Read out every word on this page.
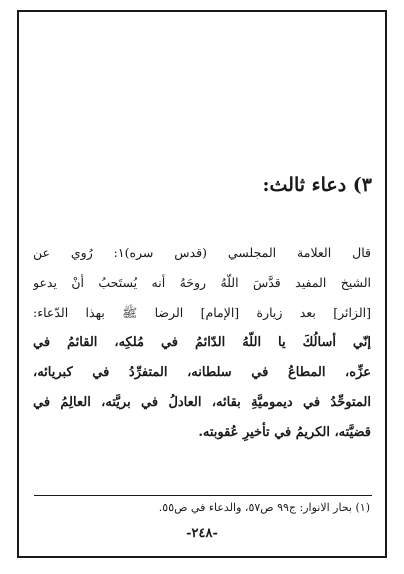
٣) دعاء ثالث:
قال العلامة المجلسي (قدس سره)١: رُوي عن
الشيخ المفيد قدَّسَ اللّهُ روحَهُ أنه يُستَحبُ أنْ يدعو
[الزائر] بعد زيارة [الإمام] الرضا ﷺ بهذا الدّعاء:
إنّي أسالُكَ يا اللّهُ الدّائمُ في مُلكِه، القائمُ في
عزِّه، المطاعُ في سلطانه، المتفرِّدُ في كبريائه،
المتوحِّدُ في ديموميَّةِ بقائه، العادلُ في بريَّته، العالِمُ في
قضيَّته، الكريمُ في تأخيرِ عُقوبته.
(١) بحار الانوار: ج٩٩ ص٥٧، والدعاء في ص٥٥.
-٢٤٨-
